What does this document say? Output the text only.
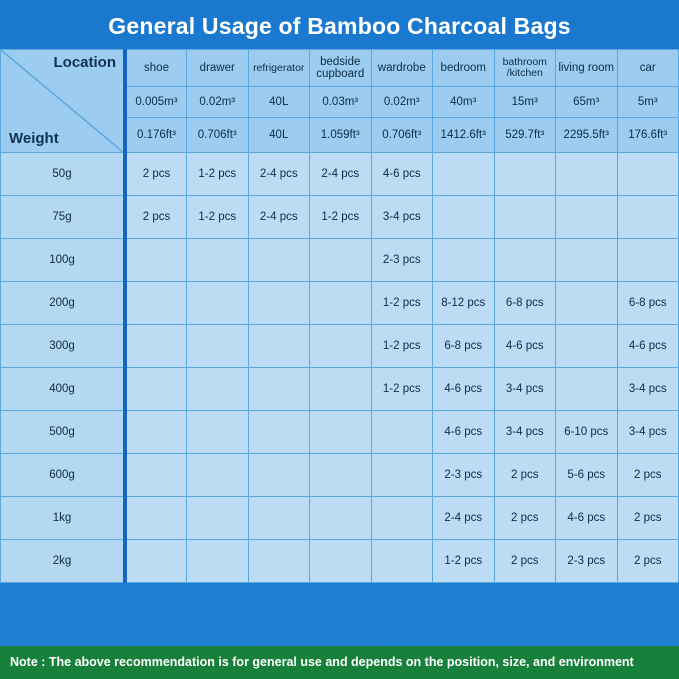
General Usage of Bamboo Charcoal Bags
Location
Weight	shoe	drawer	refrigerator	bedside cupboard	wardrobe	bedroom	bathroom /kitchen	living room	car
	0.005m³	0.02m³	40L	0.03m³	0.02m³	40m³	15m³	65m³	5m³
	0.176ft³	0.706ft³	40L	1.059ft³	0.706ft³	1412.6ft³	529.7ft³	2295.5ft³	176.6ft³
50g	2 pcs	1-2 pcs	2-4 pcs	2-4 pcs	4-6 pcs				
75g	2 pcs	1-2 pcs	2-4 pcs	1-2 pcs	3-4 pcs				
100g					2-3 pcs				
200g					1-2 pcs	8-12 pcs	6-8 pcs		6-8 pcs
300g					1-2 pcs	6-8 pcs	4-6 pcs		4-6 pcs
400g					1-2 pcs	4-6 pcs	3-4 pcs		3-4 pcs
500g						4-6 pcs	3-4 pcs	6-10 pcs	3-4 pcs
600g						2-3 pcs	2 pcs	5-6 pcs	2 pcs
1kg						2-4 pcs	2 pcs	4-6 pcs	2 pcs
2kg						1-2 pcs	2 pcs	2-3 pcs	2 pcs
Note : The above recommendation is for general use and depends on the position, size, and environment
